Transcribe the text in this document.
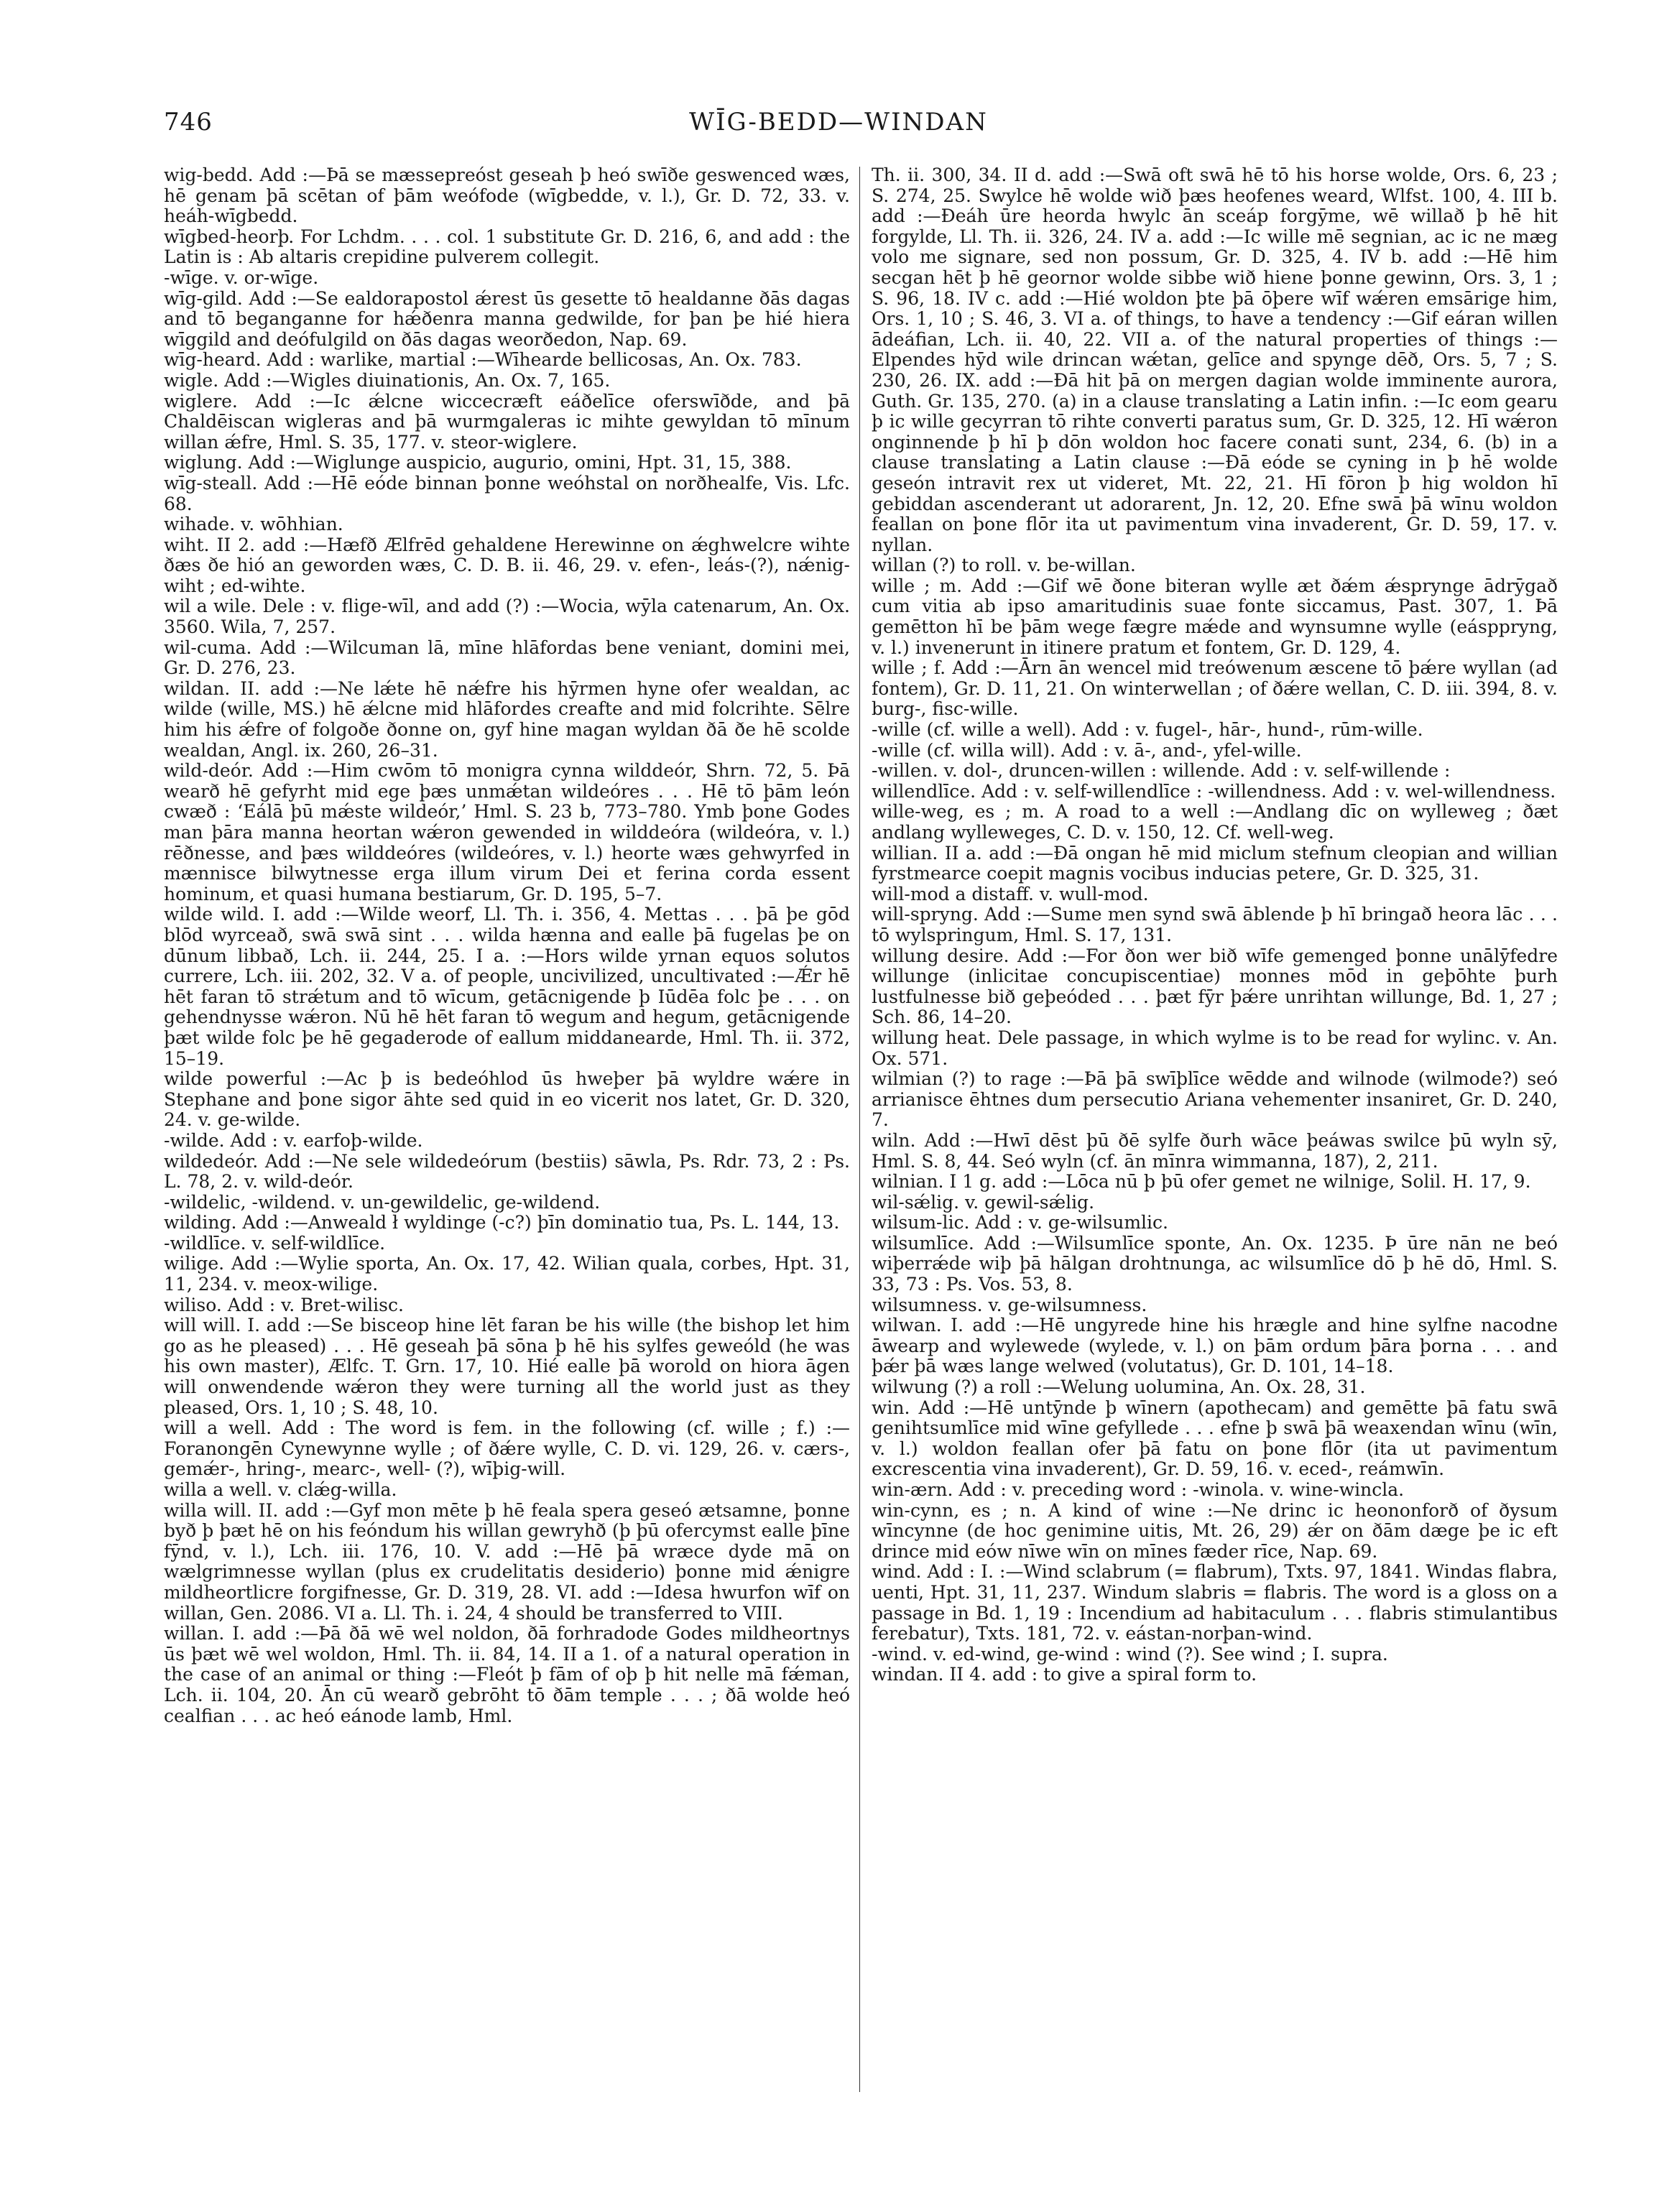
746	WĪG-BEDD—WINDAN

wig-bedd. Add :—Þā se mæssepreóst geseah þ heó swīðe geswenced wæs, hē genam þā scētan of þām weófode (wīgbedde, v. l.), Gr. D. 72, 33. v. heáh-wīgbedd.

wīgbed-heorþ. For Lchdm. . . . col. 1 substitute Gr. D. 216, 6, and add : the Latin is : Ab altaris crepidine pulverem collegit.

-wīge. v. or-wīge.

wīg-gild. Add :—Se ealdorapostol ǽrest ūs gesette tō healdanne ðās dagas and tō beganganne for hǽðenra manna gedwilde, for þan þe hié hiera wīggild and deófulgild on ðās dagas weorðedon, Nap. 69.

wīg-heard. Add : warlike, martial :—Wīhearde bellicosas, An. Ox. 783.

wigle. Add :—Wigles diuinationis, An. Ox. 7, 165.

wiglere. Add :—Ic ǽlcne wiccecræft eáðelīce oferswīðde, and þā Chaldēiscan wigleras and þā wurmgaleras ic mihte gewyldan tō mīnum willan ǽfre, Hml. S. 35, 177. v. steor-wiglere.

wiglung. Add :—Wiglunge auspicio, augurio, omini, Hpt. 31, 15, 388.

wīg-steall. Add :—Hē eóde binnan þonne weóhstal on norðhealfe, Vis. Lfc. 68.

wihade. v. wōhhian.

wiht. II 2. add :—Hæfð Ælfrēd gehaldene Herewinne on ǽghwelcre wihte ðæs ðe hió an geworden wæs, C. D. B. ii. 46, 29. v. efen-, leás-(?), nǽnig-wiht ; ed-wihte.

wil a wile. Dele : v. flige-wīl, and add (?) :—Wocia, wȳla catenarum, An. Ox. 3560. Wila, 7, 257.

wil-cuma. Add :—Wilcuman lā, mīne hlāfordas bene veniant, domini mei, Gr. D. 276, 23.

wildan. II. add :—Ne lǽte hē nǽfre his hȳrmen hyne ofer wealdan, ac wilde (wille, MS.) hē ǽlcne mid hlāfordes creafte and mid folcrihte. Sēlre him his ǽfre of folgoðe ðonne on, gyf hine magan wyldan ðā ðe hē scolde wealdan, Angl. ix. 260, 26–31.

wild-deór. Add :—Him cwōm tō monigra cynna wilddeór, Shrn. 72, 5. Þā wearð hē gefyrht mid ege þæs unmǽtan wildeóres . . . Hē tō þām león cwæð : ‘Eálā þū mǽste wildeór,’ Hml. S. 23 b, 773–780. Ymb þone Godes man þāra manna heortan wǽron gewended in wilddeóra (wildeóra, v. l.) rēðnesse, and þæs wilddeóres (wildeóres, v. l.) heorte wæs gehwyrfed in mænnisce bilwytnesse erga illum virum Dei et ferina corda essent hominum, et quasi humana bestiarum, Gr. D. 195, 5–7.

wilde wild. I. add :—Wilde weorf, Ll. Th. i. 356, 4. Mettas . . . þā þe gōd blōd wyrceað, swā swā sint . . . wilda hænna and ealle þā fugelas þe on dūnum libbað, Lch. ii. 244, 25. I a. :—Hors wilde yrnan equos solutos currere, Lch. iii. 202, 32. V a. of people, uncivilized, uncultivated :—Ǽr hē hēt faran tō strǽtum and tō wīcum, getācnigende þ Iūdēa folc þe . . . on gehendnysse wǽron. Nū hē hēt faran tō wegum and hegum, getācnigende þæt wilde folc þe hē gegaderode of eallum middanearde, Hml. Th. ii. 372, 15–19.

wilde powerful :—Ac þ is bedeóhlod ūs hweþer þā wyldre wǽre in Stephane and þone sigor āhte sed quid in eo vicerit nos latet, Gr. D. 320, 24. v. ge-wilde.

-wilde. Add : v. earfoþ-wilde.

wildedeór. Add :—Ne sele wildedeórum (bestiis) sāwla, Ps. Rdr. 73, 2 : Ps. L. 78, 2. v. wild-deór.

-wildelic, -wildend. v. un-gewildelic, ge-wildend.

wilding. Add :—Anweald ł wyldinge (-c?) þīn dominatio tua, Ps. L. 144, 13.

-wildlīce. v. self-wildlīce.

wilige. Add :—Wylie sporta, An. Ox. 17, 42. Wilian quala, corbes, Hpt. 31, 11, 234. v. meox-wilige.

wiliso. Add : v. Bret-wilisc.

will will. I. add :—Se bisceop hine lēt faran be his wille (the bishop let him go as he pleased) . . . Hē geseah þā sōna þ hē his sylfes geweóld (he was his own master), Ælfc. T. Grn. 17, 10. Hié ealle þā worold on hiora āgen will onwendende wǽron they were turning all the world just as they pleased, Ors. 1, 10 ; S. 48, 10.

will a well. Add : The word is fem. in the following (cf. wille ; f.) :—Foranongēn Cynewynne wylle ; of ðǽre wylle, C. D. vi. 129, 26. v. cærs-, gemǽr-, hring-, mearc-, well- (?), wīþig-will.

willa a well. v. clǽg-willa.

willa will. II. add :—Gyf mon mēte þ hē feala spera geseó ætsamne, þonne byð þ þæt hē on his feóndum his willan gewryhð (þ þū ofercymst ealle þīne fȳnd, v. l.), Lch. iii. 176, 10. V. add :—Hē þā wræce dyde mā on wælgrimnesse wyllan (plus ex crudelitatis desiderio) þonne mid ǽnigre mildheortlicre forgifnesse, Gr. D. 319, 28. VI. add :—Idesa hwurfon wīf on willan, Gen. 2086. VI a. Ll. Th. i. 24, 4 should be transferred to VIII.

willan. I. add :—Þā ðā wē wel noldon, ðā forhradode Godes mildheortnys ūs þæt wē wel woldon, Hml. Th. ii. 84, 14. II a 1. of a natural operation in the case of an animal or thing :—Fleót þ fām of oþ þ hit nelle mā fǽman, Lch. ii. 104, 20. Ān cū wearð gebrōht tō ðām temple . . . ; ðā wolde heó cealfian . . . ac heó eánode lamb, Hml.

Th. ii. 300, 34. II d. add :—Swā oft swā hē tō his horse wolde, Ors. 6, 23 ; S. 274, 25. Swylce hē wolde wið þæs heofenes weard, Wlfst. 100, 4. III b. add :—Ðeáh ūre heorda hwylc ān sceáp forgȳme, wē willað þ hē hit forgylde, Ll. Th. ii. 326, 24. IV a. add :—Ic wille mē segnian, ac ic ne mæg volo me signare, sed non possum, Gr. D. 325, 4. IV b. add :—Hē him secgan hēt þ hē geornor wolde sibbe wið hiene þonne gewinn, Ors. 3, 1 ; S. 96, 18. IV c. add :—Hié woldon þte þā ōþere wīf wǽren emsārige him, Ors. 1, 10 ; S. 46, 3. VI a. of things, to have a tendency :—Gif eáran willen ādeáfian, Lch. ii. 40, 22. VII a. of the natural properties of things :—Elpendes hȳd wile drincan wǽtan, gelīce and spynge dēð, Ors. 5, 7 ; S. 230, 26. IX. add :—Ðā hit þā on mergen dagian wolde imminente aurora, Guth. Gr. 135, 270. (a) in a clause translating a Latin infin. :—Ic eom gearu þ ic wille gecyrran tō rihte converti paratus sum, Gr. D. 325, 12. Hī wǽron onginnende þ hī þ dōn woldon hoc facere conati sunt, 234, 6. (b) in a clause translating a Latin clause :—Ðā eóde se cyning in þ hē wolde geseón intravit rex ut videret, Mt. 22, 21. Hī fōron þ hig woldon hī gebiddan ascenderant ut adorarent, Jn. 12, 20. Efne swā þā wīnu woldon feallan on þone flōr ita ut pavimentum vina invaderent, Gr. D. 59, 17. v. nyllan.

willan (?) to roll. v. be-willan.

wille ; m. Add :—Gif wē ðone biteran wylle æt ðǽm ǽsprynge ādrȳgað cum vitia ab ipso amaritudinis suae fonte siccamus, Past. 307, 1. Þā gemētton hī be þām wege fægre mǽde and wynsumne wylle (eásppryng, v. l.) invenerunt in itinere pratum et fontem, Gr. D. 129, 4.

wille ; f. Add :—Ārn ān wencel mid treówenum æscene tō þǽre wyllan (ad fontem), Gr. D. 11, 21. On winterwellan ; of ðǽre wellan, C. D. iii. 394, 8. v. burg-, fisc-wille.

-wille (cf. wille a well). Add : v. fugel-, hār-, hund-, rūm-wille.

-wille (cf. willa will). Add : v. ā-, and-, yfel-wille.

-willen. v. dol-, druncen-willen : willende. Add : v. self-willende :

willendlīce. Add : v. self-willendlīce : -willendness. Add : v. wel-willendness.

wille-weg, es ; m. A road to a well :—Andlang dīc on wylleweg ; ðæt andlang wylleweges, C. D. v. 150, 12. Cf. well-weg.

willian. II a. add :—Ðā ongan hē mid miclum stefnum cleopian and willian fyrstmearce coepit magnis vocibus inducias petere, Gr. D. 325, 31.

will-mod a distaff. v. wull-mod.

will-spryng. Add :—Sume men synd swā āblende þ hī bringað heora lāc . . . tō wylspringum, Hml. S. 17, 131.

willung desire. Add :—For ðon wer bið wīfe gemenged þonne unālȳfedre willunge (inlicitae concupiscentiae) monnes mōd in geþōhte þurh lustfulnesse bið geþeóded . . . þæt fȳr þǽre unrihtan willunge, Bd. 1, 27 ; Sch. 86, 14–20.

willung heat. Dele passage, in which wylme is to be read for wylinc. v. An. Ox. 571.

wilmian (?) to rage :—Þā þā swīþlīce wēdde and wilnode (wilmode?) seó arrianisce ēhtnes dum persecutio Ariana vehementer insaniret, Gr. D. 240, 7.

wiln. Add :—Hwī dēst þū ðē sylfe ðurh wāce þeáwas swilce þū wyln sȳ, Hml. S. 8, 44. Seó wyln (cf. ān mīnra wimmanna, 187), 2, 211.

wilnian. I 1 g. add :—Lōca nū þ þū ofer gemet ne wilnige, Solil. H. 17, 9.

wil-sǽlig. v. gewil-sǽlig.

wilsum-lic. Add : v. ge-wilsumlic.

wilsumlīce. Add :—Wilsumlīce sponte, An. Ox. 1235. Þ ūre nān ne beó wiþerrǽde wiþ þā hālgan drohtnunga, ac wilsumlīce dō þ hē dō, Hml. S. 33, 73 : Ps. Vos. 53, 8.

wilsumness. v. ge-wilsumness.

wilwan. I. add :—Hē ungyrede hine his hrægle and hine sylfne nacodne āwearp and wylewede (wylede, v. l.) on þām ordum þāra þorna . . . and þǽr þā wæs lange welwed (volutatus), Gr. D. 101, 14–18.

wilwung (?) a roll :—Welung uolumina, An. Ox. 28, 31.

win. Add :—Hē untȳnde þ wīnern (apothecam) and gemētte þā fatu swā genihtsumlīce mid wīne gefyllede . . . efne þ swā þā weaxendan wīnu (wīn, v. l.) woldon feallan ofer þā fatu on þone flōr (ita ut pavimentum excrescentia vina invaderent), Gr. D. 59, 16. v. eced-, reámwīn.

win-ærn. Add : v. preceding word : -winola. v. wine-wincla.

win-cynn, es ; n. A kind of wine :—Ne drinc ic heononforð of ðysum wīncynne (de hoc genimine uitis, Mt. 26, 29) ǽr on ðām dæge þe ic eft drince mid eów nīwe wīn on mīnes fæder rīce, Nap. 69.

wind. Add : I. :—Wind sclabrum (= flabrum), Txts. 97, 1841. Windas flabra, uenti, Hpt. 31, 11, 237. Windum slabris = flabris. The word is a gloss on a passage in Bd. 1, 19 : Incendium ad habitaculum . . . flabris stimulantibus ferebatur), Txts. 181, 72. v. eástan-norþan-wind.

-wind. v. ed-wind, ge-wind : wind (?). See wind ; I. supra.

windan. II 4. add : to give a spiral form to.
